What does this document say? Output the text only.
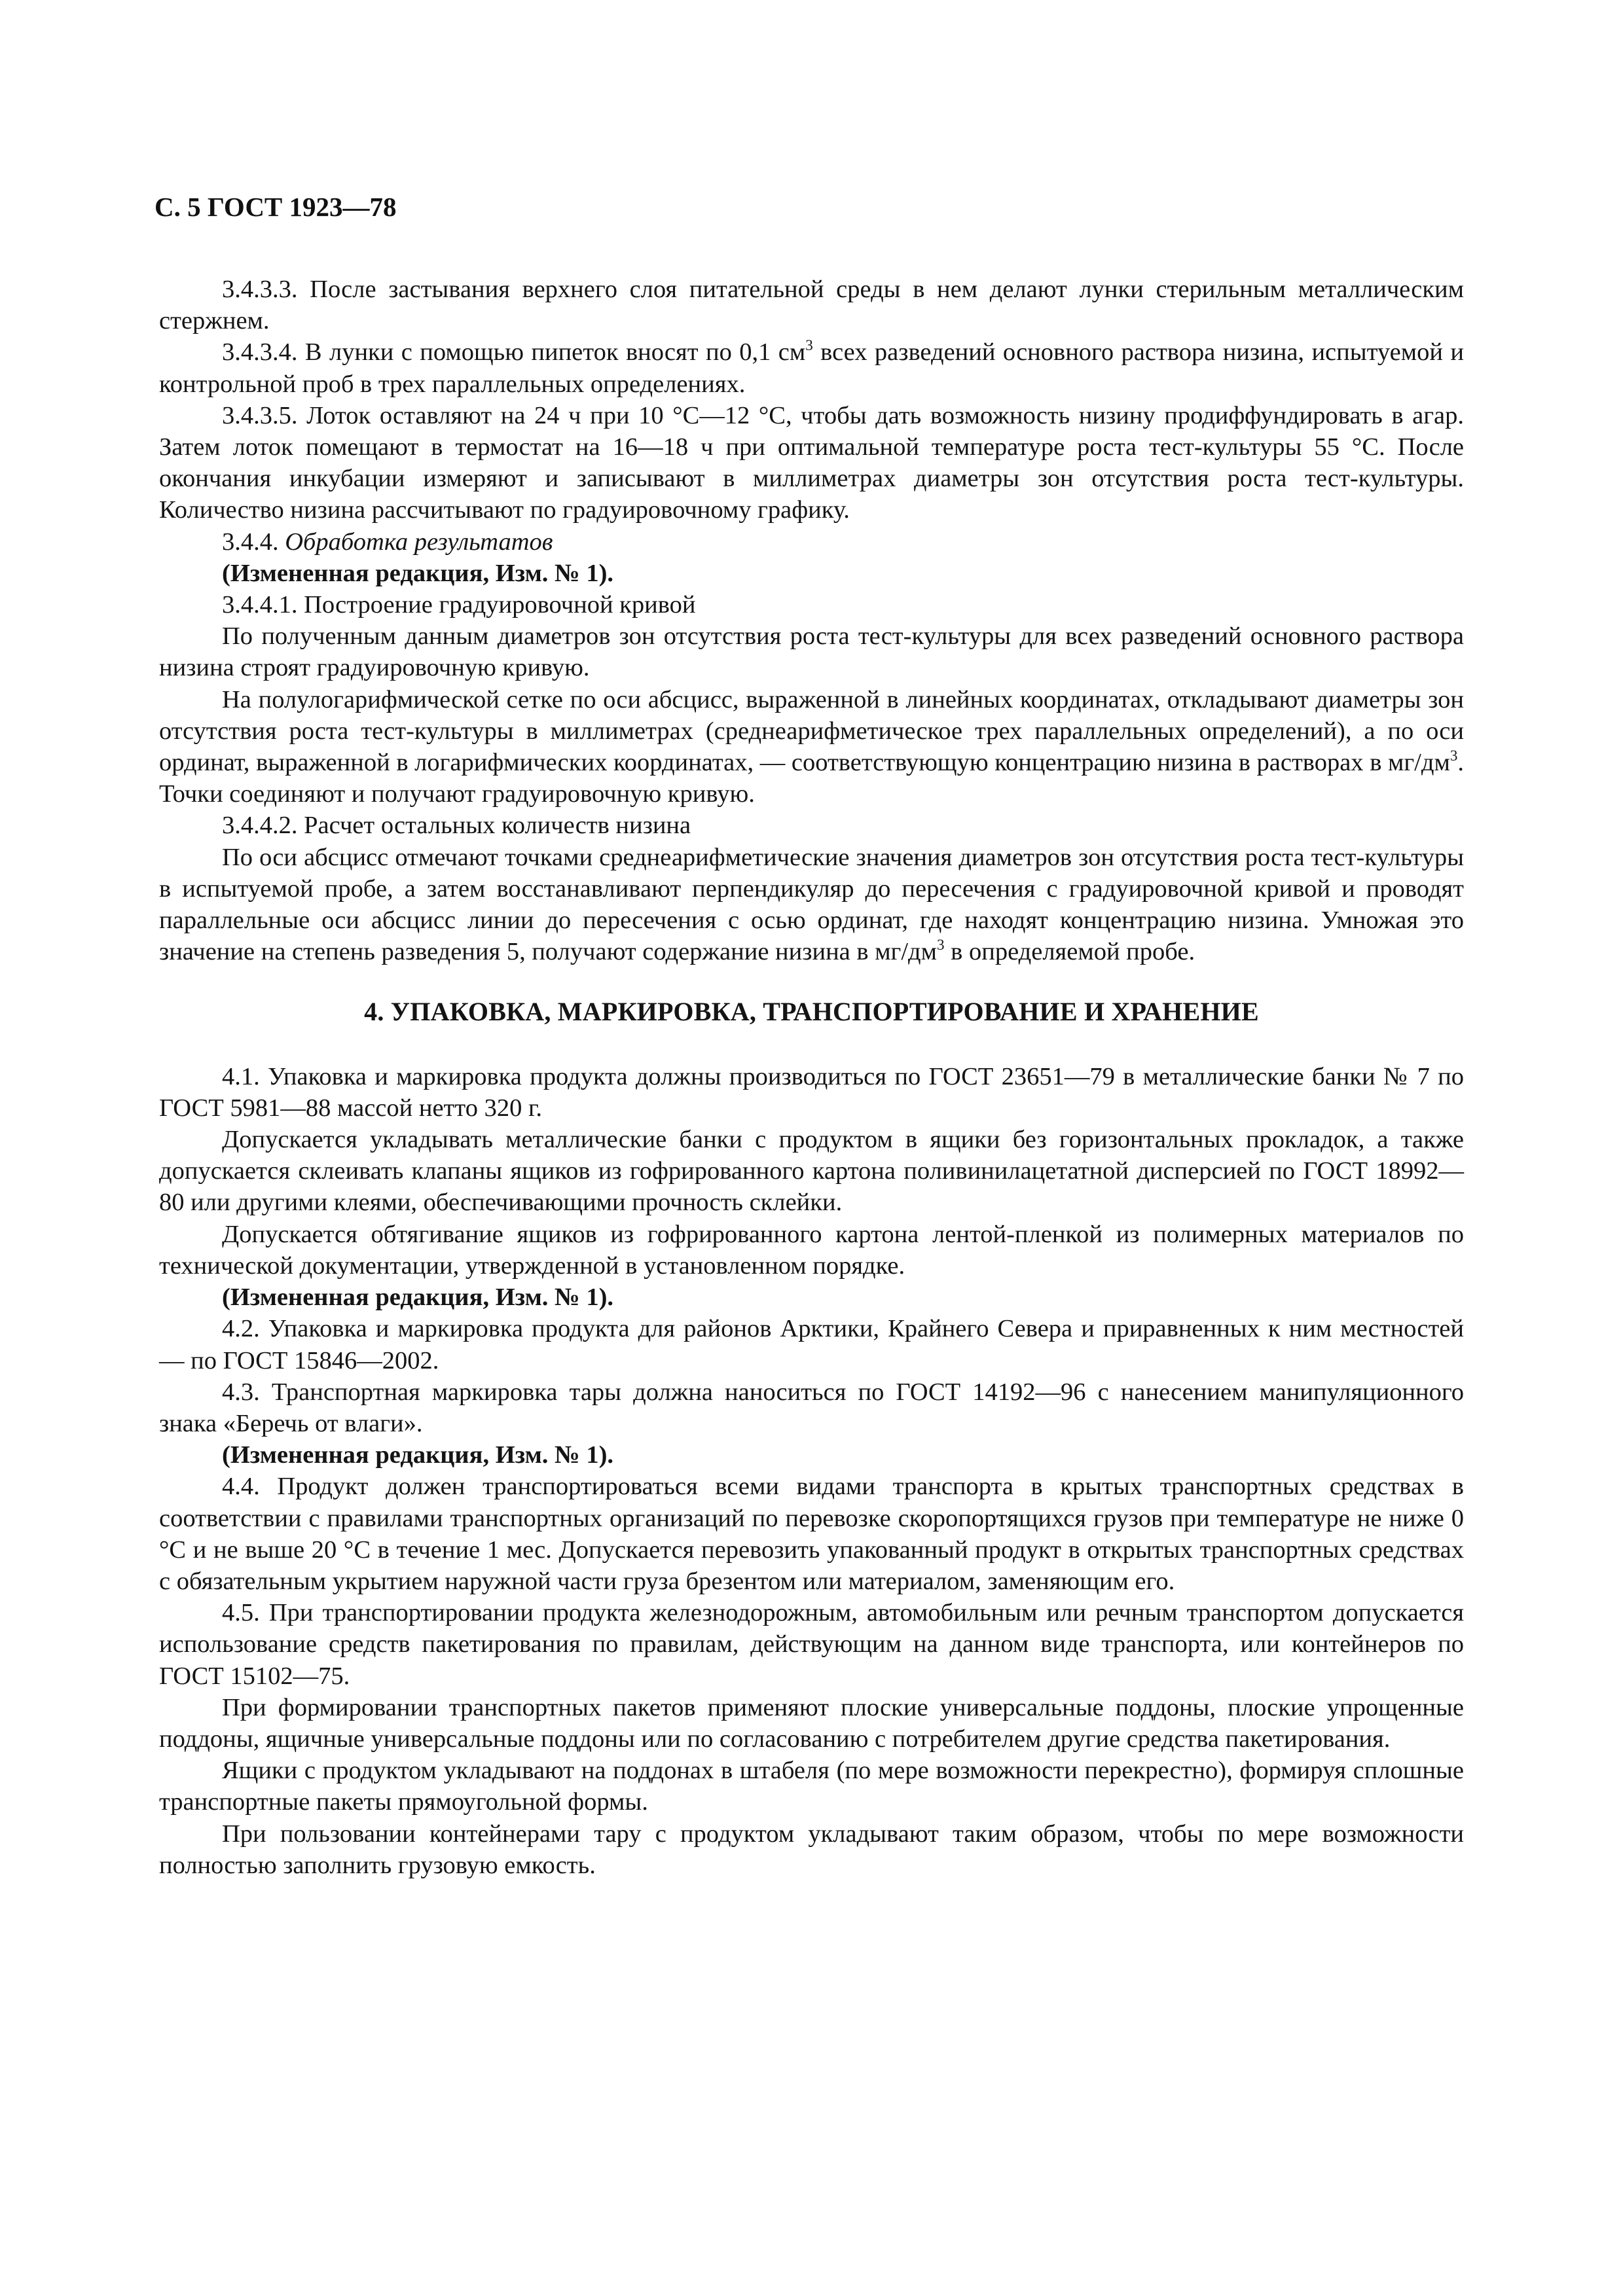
С. 5 ГОСТ 1923—78

3.4.3.3. После застывания верхнего слоя питательной среды в нем делают лунки стерильным металлическим стержнем.

3.4.3.4. В лунки с помощью пипеток вносят по 0,1 $см^3$ всех разведений основного раствора низина, испытуемой и контрольной проб в трех параллельных определениях.

3.4.3.5. Лоток оставляют на 24 ч при 10 °С—12 °С, чтобы дать возможность низину продиффундировать в агар. Затем лоток помещают в термостат на 16—18 ч при оптимальной температуре роста тест-культуры 55 °С. После окончания инкубации измеряют и записывают в миллиметрах диаметры зон отсутствия роста тест-культуры. Количество низина рассчитывают по градуировочному графику.

3.4.4. Обработка результатов

(Измененная редакция, Изм. № 1).

3.4.4.1. Построение градуировочной кривой

По полученным данным диаметров зон отсутствия роста тест-культуры для всех разведений основного раствора низина строят градуировочную кривую.

На полулогарифмической сетке по оси абсцисс, выраженной в линейных координатах, откладывают диаметры зон отсутствия роста тест-культуры в миллиметрах (среднеарифметическое трех параллельных определений), а по оси ординат, выраженной в логарифмических координатах, — соответствующую концентрацию низина в растворах в $мг/дм^3$. Точки соединяют и получают градуировочную кривую.

3.4.4.2. Расчет остальных количеств низина

По оси абсцисс отмечают точками среднеарифметические значения диаметров зон отсутствия роста тест-культуры в испытуемой пробе, а затем восстанавливают перпендикуляр до пересечения с градуировочной кривой и проводят параллельные оси абсцисс линии до пересечения с осью ординат, где находят концентрацию низина. Умножая это значение на степень разведения 5, получают содержание низина в $мг/дм^3$ в определяемой пробе.

4. УПАКОВКА, МАРКИРОВКА, ТРАНСПОРТИРОВАНИЕ И ХРАНЕНИЕ

4.1. Упаковка и маркировка продукта должны производиться по ГОСТ 23651—79 в металлические банки № 7 по ГОСТ 5981—88 массой нетто 320 г.

Допускается укладывать металлические банки с продуктом в ящики без горизонтальных прокладок, а также допускается склеивать клапаны ящиков из гофрированного картона поливинилацетатной дисперсией по ГОСТ 18992—80 или другими клеями, обеспечивающими прочность склейки.

Допускается обтягивание ящиков из гофрированного картона лентой-пленкой из полимерных материалов по технической документации, утвержденной в установленном порядке.

(Измененная редакция, Изм. № 1).

4.2. Упаковка и маркировка продукта для районов Арктики, Крайнего Севера и приравненных к ним местностей — по ГОСТ 15846—2002.

4.3. Транспортная маркировка тары должна наноситься по ГОСТ 14192—96 с нанесением манипуляционного знака «Беречь от влаги».

(Измененная редакция, Изм. № 1).

4.4. Продукт должен транспортироваться всеми видами транспорта в крытых транспортных средствах в соответствии с правилами транспортных организаций по перевозке скоропортящихся грузов при температуре не ниже 0 °С и не выше 20 °С в течение 1 мес. Допускается перевозить упакованный продукт в открытых транспортных средствах с обязательным укрытием наружной части груза брезентом или материалом, заменяющим его.

4.5. При транспортировании продукта железнодорожным, автомобильным или речным транспортом допускается использование средств пакетирования по правилам, действующим на данном виде транспорта, или контейнеров по ГОСТ 15102—75.

При формировании транспортных пакетов применяют плоские универсальные поддоны, плоские упрощенные поддоны, ящичные универсальные поддоны или по согласованию с потребителем другие средства пакетирования.

Ящики с продуктом укладывают на поддонах в штабеля (по мере возможности перекрестно), формируя сплошные транспортные пакеты прямоугольной формы.

При пользовании контейнерами тару с продуктом укладывают таким образом, чтобы по мере возможности полностью заполнить грузовую емкость.
